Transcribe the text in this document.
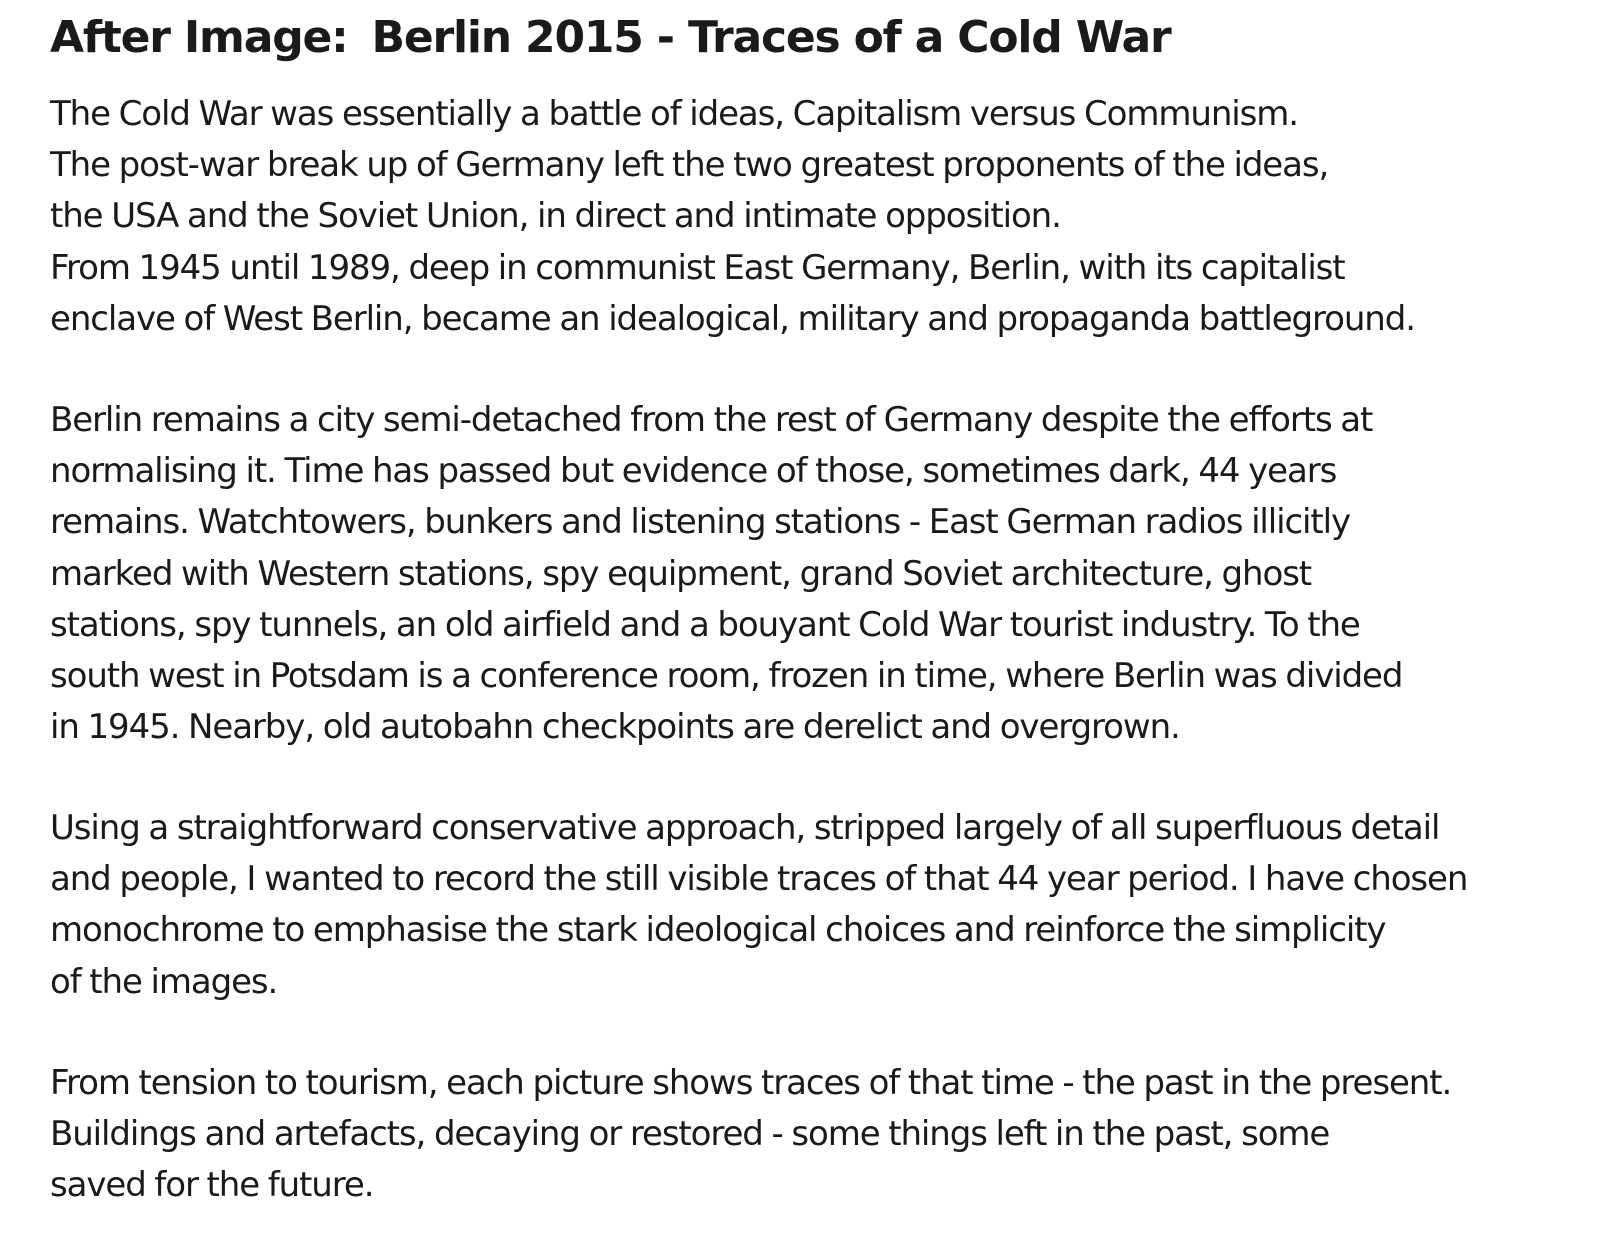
After Image: Berlin 2015 - Traces of a Cold War

The Cold War was essentially a battle of ideas, Capitalism versus Communism.
The post-war break up of Germany left the two greatest proponents of the ideas,
the USA and the Soviet Union, in direct and intimate opposition.
From 1945 until 1989, deep in communist East Germany, Berlin, with its capitalist
enclave of West Berlin, became an idealogical, military and propaganda battleground.

Berlin remains a city semi-detached from the rest of Germany despite the efforts at
normalising it. Time has passed but evidence of those, sometimes dark, 44 years
remains. Watchtowers, bunkers and listening stations - East German radios illicitly
marked with Western stations, spy equipment, grand Soviet architecture, ghost
stations, spy tunnels, an old airfield and a bouyant Cold War tourist industry. To the
south west in Potsdam is a conference room, frozen in time, where Berlin was divided
in 1945. Nearby, old autobahn checkpoints are derelict and overgrown.

Using a straightforward conservative approach, stripped largely of all superfluous detail
and people, I wanted to record the still visible traces of that 44 year period. I have chosen
monochrome to emphasise the stark ideological choices and reinforce the simplicity
of the images.

From tension to tourism, each picture shows traces of that time - the past in the present.
Buildings and artefacts, decaying or restored - some things left in the past, some
saved for the future.
